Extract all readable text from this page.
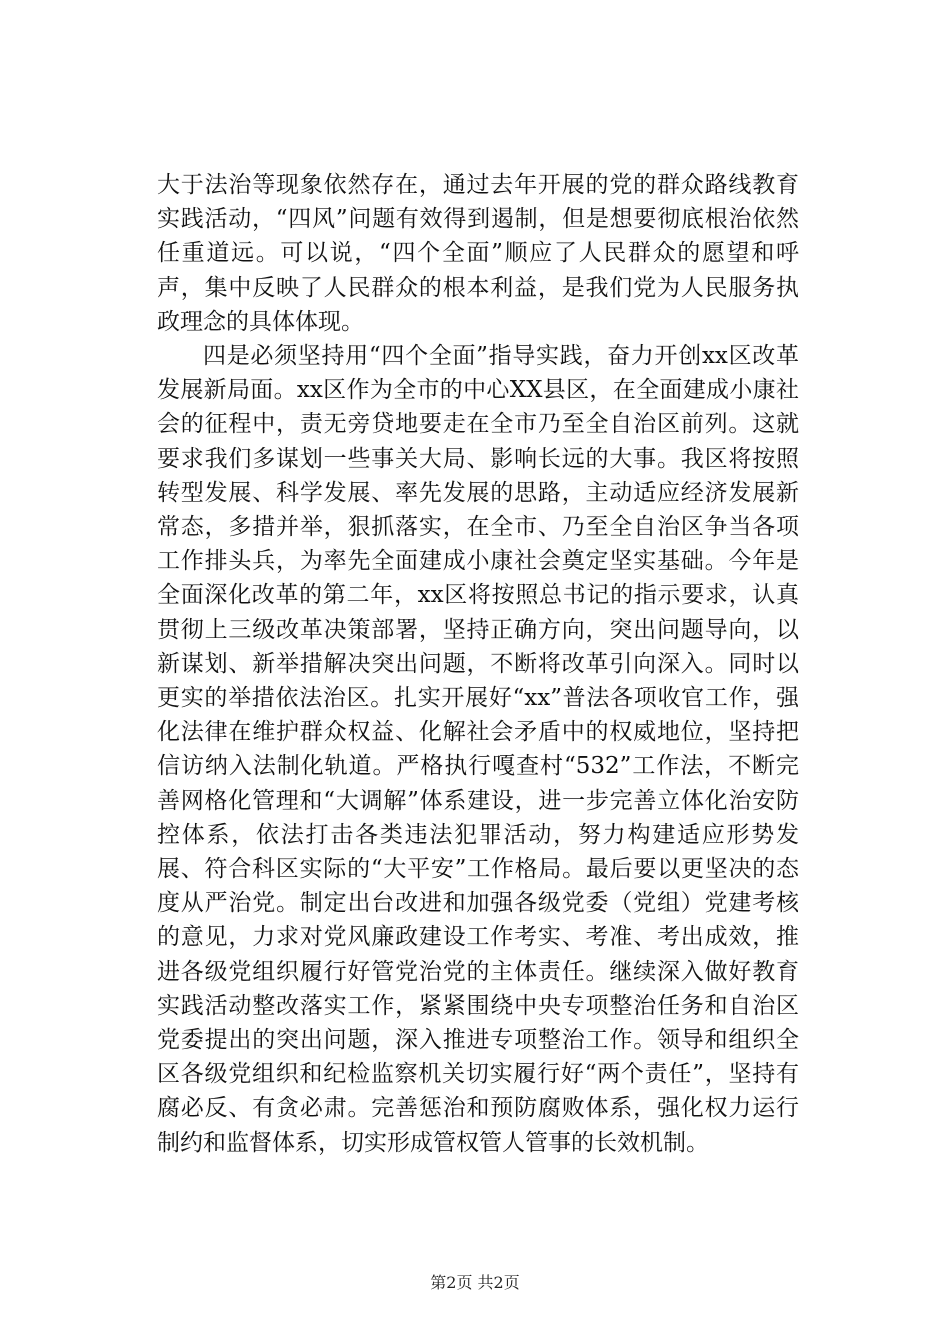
大于法治等现象依然存在，通过去年开展的党的群众路线教育实践活动，“四风”问题有效得到遏制，但是想要彻底根治依然任重道远。可以说，“四个全面”顺应了人民群众的愿望和呼声，集中反映了人民群众的根本利益，是我们党为人民服务执政理念的具体体现。

四是必须坚持用“四个全面”指导实践，奋力开创xx区改革发展新局面。xx区作为全市的中心XX县区，在全面建成小康社会的征程中，责无旁贷地要走在全市乃至全自治区前列。这就要求我们多谋划一些事关大局、影响长远的大事。我区将按照转型发展、科学发展、率先发展的思路，主动适应经济发展新常态，多措并举，狠抓落实，在全市、乃至全自治区争当各项工作排头兵，为率先全面建成小康社会奠定坚实基础。今年是全面深化改革的第二年，xx区将按照总书记的指示要求，认真贯彻上三级改革决策部署，坚持正确方向，突出问题导向，以新谋划、新举措解决突出问题，不断将改革引向深入。同时以更实的举措依法治区。扎实开展好“xx”普法各项收官工作，强化法律在维护群众权益、化解社会矛盾中的权威地位，坚持把信访纳入法制化轨道。严格执行嘎查村“532”工作法，不断完善网格化管理和“大调解”体系建设，进一步完善立体化治安防控体系，依法打击各类违法犯罪活动，努力构建适应形势发展、符合科区实际的“大平安”工作格局。最后要以更坚决的态度从严治党。制定出台改进和加强各级党委（党组）党建考核的意见，力求对党风廉政建设工作考实、考准、考出成效，推进各级党组织履行好管党治党的主体责任。继续深入做好教育实践活动整改落实工作，紧紧围绕中央专项整治任务和自治区党委提出的突出问题，深入推进专项整治工作。领导和组织全区各级党组织和纪检监察机关切实履行好“两个责任”，坚持有腐必反、有贪必肃。完善惩治和预防腐败体系，强化权力运行制约和监督体系，切实形成管权管人管事的长效机制。

第2页 共2页
